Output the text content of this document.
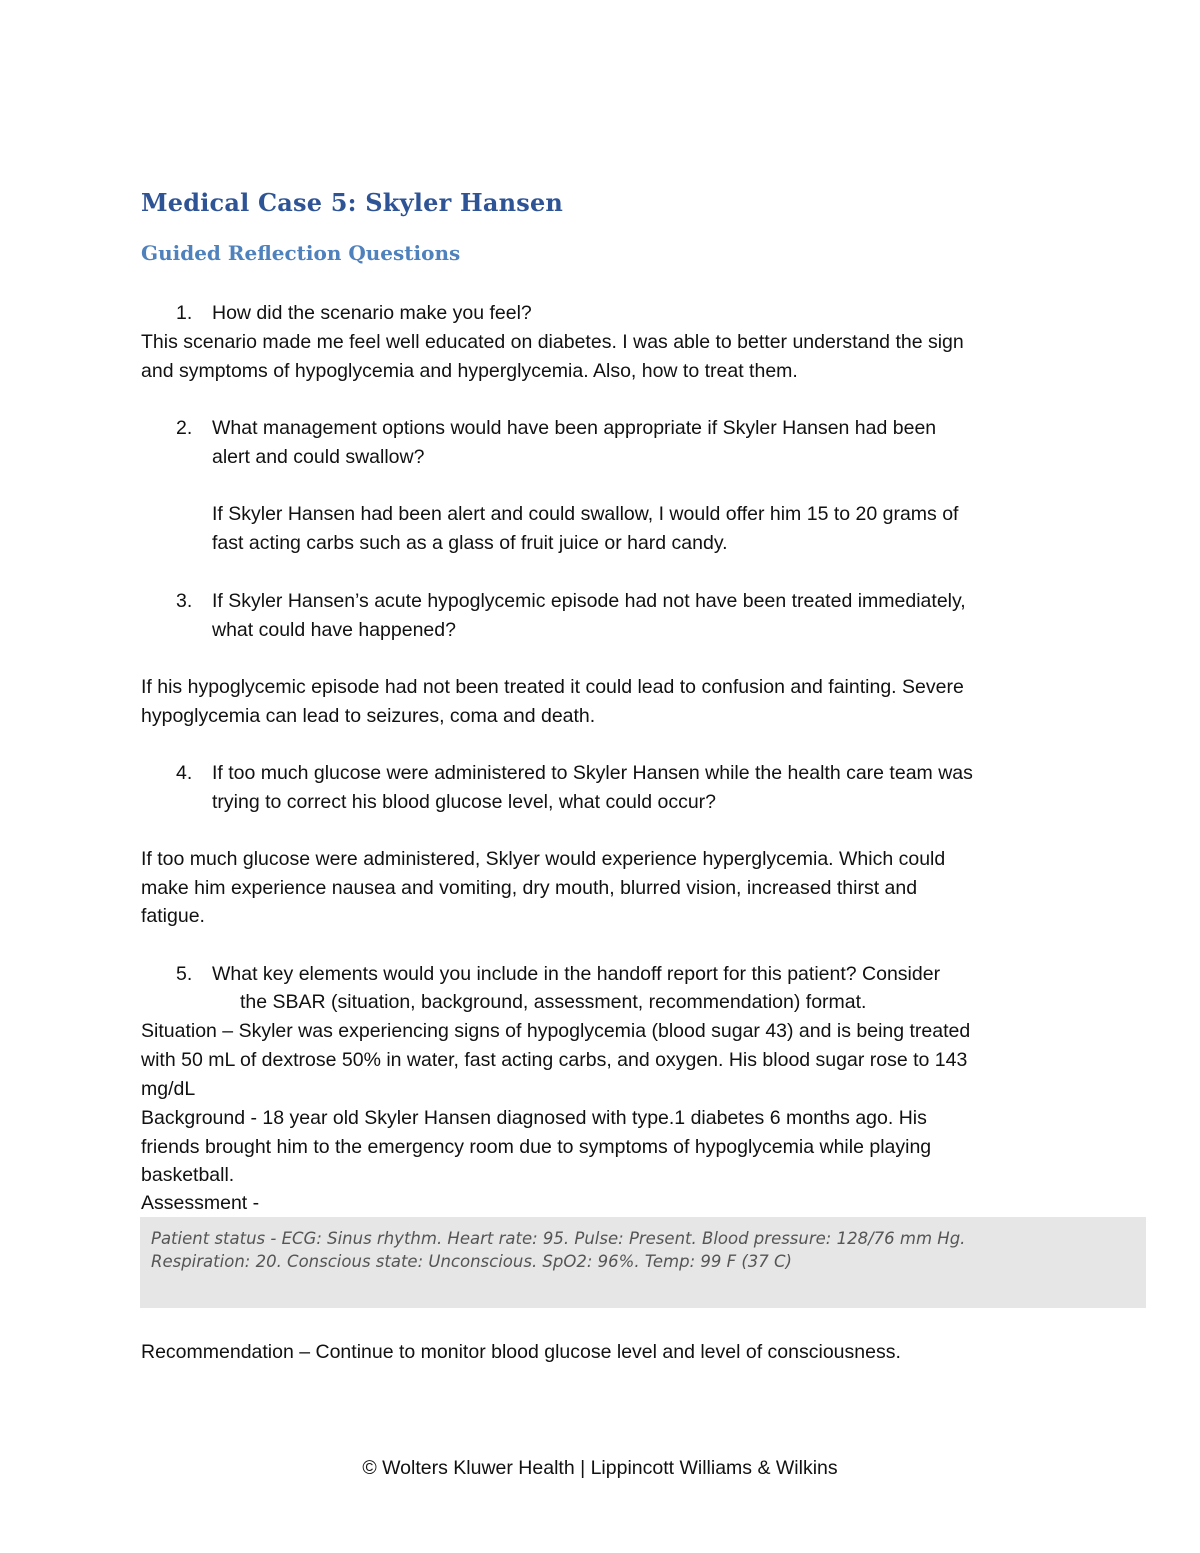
Medical Case 5: Skyler Hansen
Guided Reflection Questions
1.	How did the scenario make you feel?

This scenario made me feel well educated on diabetes. I was able to better understand the sign

and symptoms of hypoglycemia and hyperglycemia. Also, how to treat them.

2.	What management options would have been appropriate if Skyler Hansen had been
alert and could swallow?

If Skyler Hansen had been alert and could swallow, I would offer him 15 to 20 grams of

fast acting carbs such as a glass of fruit juice or hard candy.

3.	If Skyler Hansen’s acute hypoglycemic episode had not have been treated immediately,
what could have happened?

If his hypoglycemic episode had not been treated it could lead to confusion and fainting. Severe

hypoglycemia can lead to seizures, coma and death.

4.	If too much glucose were administered to Skyler Hansen while the health care team was
trying to correct his blood glucose level, what could occur?

If too much glucose were administered, Sklyer would experience hyperglycemia. Which could

make him experience nausea and vomiting, dry mouth, blurred vision, increased thirst and

fatigue.

5.	What key elements would you include in the handoff report for this patient? Consider
the SBAR (situation, background, assessment, recommendation) format.

Situation – Skyler was experiencing signs of hypoglycemia (blood sugar 43) and is being treated

with 50 mL of dextrose 50% in water, fast acting carbs, and oxygen. His blood sugar rose to 143

mg/dL

Background - 18 year old Skyler Hansen diagnosed with type.1 diabetes 6 months ago. His

friends brought him to the emergency room due to symptoms of hypoglycemia while playing

basketball.

Assessment -

Patient status - ECG: Sinus rhythm. Heart rate: 95. Pulse: Present. Blood pressure: 128/76 mm Hg.
Respiration: 20. Conscious state: Unconscious. SpO2: 96%. Temp: 99 F (37 C)

Recommendation – Continue to monitor blood glucose level and level of consciousness.

© Wolters Kluwer Health | Lippincott Williams & Wilkins
